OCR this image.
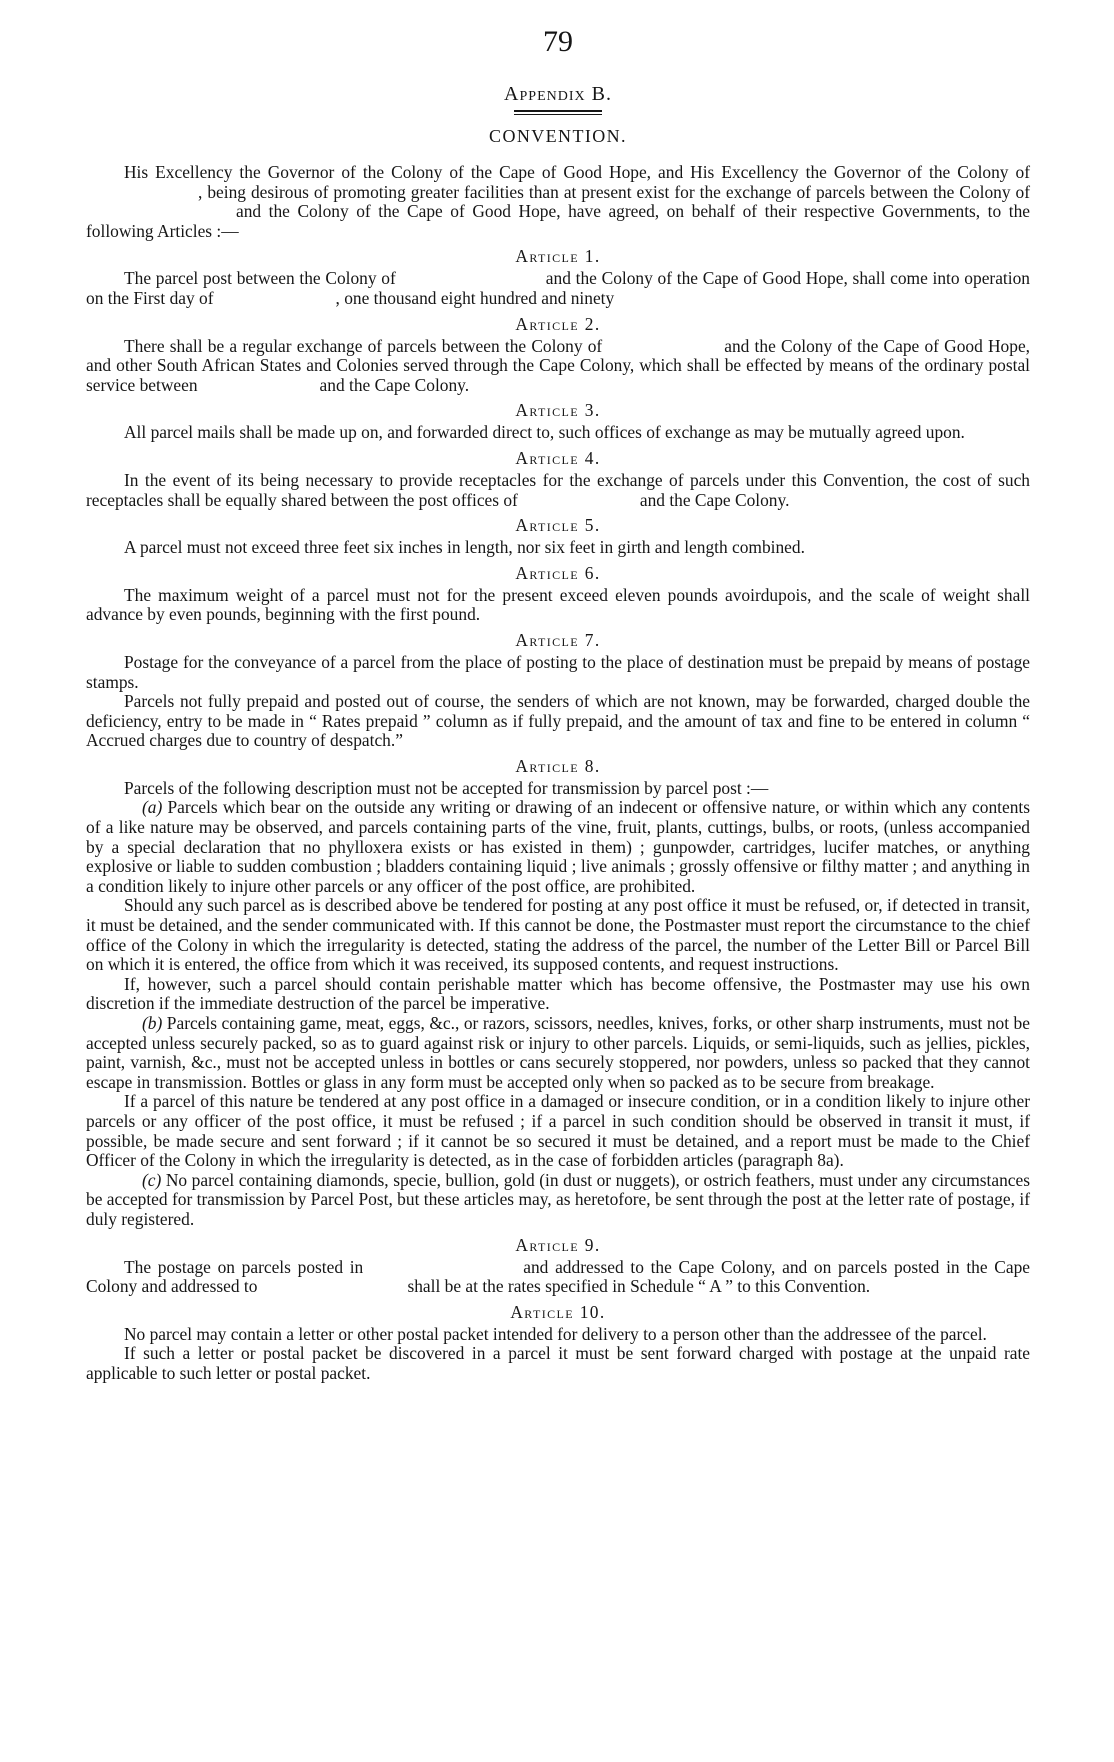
79
Appendix B.
CONVENTION.

His Excellency the Governor of the Colony of the Cape of Good Hope, and His Excellency the Governor of the Colony of, being desirous of promoting greater facilities than at present exist for the exchange of parcels between the Colony ofand the Colony of the Cape of Good Hope, have agreed, on behalf of their respective Governments, to the following Articles :—

Article 1.

The parcel post between the Colony of	and the Colony of the Cape of Good Hope, shall come into operation on the First day of	, one thousand eight hundred and ninety

Article 2.

There shall be a regular exchange of parcels between the Colony of	and the Colony of the Cape of Good Hope, and other South African States and Colonies served through the Cape Colony, which shall be effected by means of the ordinary postal service between	and the Cape Colony.

Article 3.

All parcel mails shall be made up on, and forwarded direct to, such offices of exchange as may be mutually agreed upon.

Article 4.

In the event of its being necessary to provide receptacles for the exchange of parcels under this Convention, the cost of such receptacles shall be equally shared between the post offices of	and the Cape Colony.

Article 5.

A parcel must not exceed three feet six inches in length, nor six feet in girth and length combined.

Article 6.

The maximum weight of a parcel must not for the present exceed eleven pounds avoirdupois, and the scale of weight shall advance by even pounds, beginning with the first pound.

Article 7.

Postage for the conveyance of a parcel from the place of posting to the place of destination must be prepaid by means of postage stamps.

Parcels not fully prepaid and posted out of course, the senders of which are not known, may be forwarded, charged double the deficiency, entry to be made in “ Rates prepaid ” column as if fully prepaid, and the amount of tax and fine to be entered in column “ Accrued charges due to country of despatch.”

Article 8.

Parcels of the following description must not be accepted for transmission by parcel post :—

(a) Parcels which bear on the outside any writing or drawing of an indecent or offensive nature, or within which any contents of a like nature may be observed, and parcels containing parts of the vine, fruit, plants, cuttings, bulbs, or roots, (unless accompanied by a special declaration that no phylloxera exists or has existed in them) ; gunpowder, cartridges, lucifer matches, or anything explosive or liable to sudden combustion ; bladders containing liquid ; live animals ; grossly offensive or filthy matter ; and anything in a condition likely to injure other parcels or any officer of the post office, are prohibited.

Should any such parcel as is described above be tendered for posting at any post office it must be refused, or, if detected in transit, it must be detained, and the sender communicated with. If this cannot be done, the Postmaster must report the circumstance to the chief office of the Colony in which the irregularity is detected, stating the address of the parcel, the number of the Letter Bill or Parcel Bill on which it is entered, the office from which it was received, its supposed contents, and request instructions.

If, however, such a parcel should contain perishable matter which has become offensive, the Postmaster may use his own discretion if the immediate destruction of the parcel be imperative.

(b) Parcels containing game, meat, eggs, &c., or razors, scissors, needles, knives, forks, or other sharp instruments, must not be accepted unless securely packed, so as to guard against risk or injury to other parcels. Liquids, or semi-liquids, such as jellies, pickles, paint, varnish, &c., must not be accepted unless in bottles or cans securely stoppered, nor powders, unless so packed that they cannot escape in transmission. Bottles or glass in any form must be accepted only when so packed as to be secure from breakage.

If a parcel of this nature be tendered at any post office in a damaged or insecure condition, or in a condition likely to injure other parcels or any officer of the post office, it must be refused ; if a parcel in such condition should be observed in transit it must, if possible, be made secure and sent forward ; if it cannot be so secured it must be detained, and a report must be made to the Chief Officer of the Colony in which the irregularity is detected, as in the case of forbidden articles (paragraph 8a).

(c) No parcel containing diamonds, specie, bullion, gold (in dust or nuggets), or ostrich feathers, must under any circumstances be accepted for transmission by Parcel Post, but these articles may, as heretofore, be sent through the post at the letter rate of postage, if duly registered.

Article 9.

The postage on parcels posted in	and addressed to the Cape Colony, and on parcels posted in the Cape Colony and addressed to	shall be at the rates specified in Schedule “ A ” to this Convention.

Article 10.

No parcel may contain a letter or other postal packet intended for delivery to a person other than the addressee of the parcel.

If such a letter or postal packet be discovered in a parcel it must be sent forward charged with postage at the unpaid rate applicable to such letter or postal packet.
